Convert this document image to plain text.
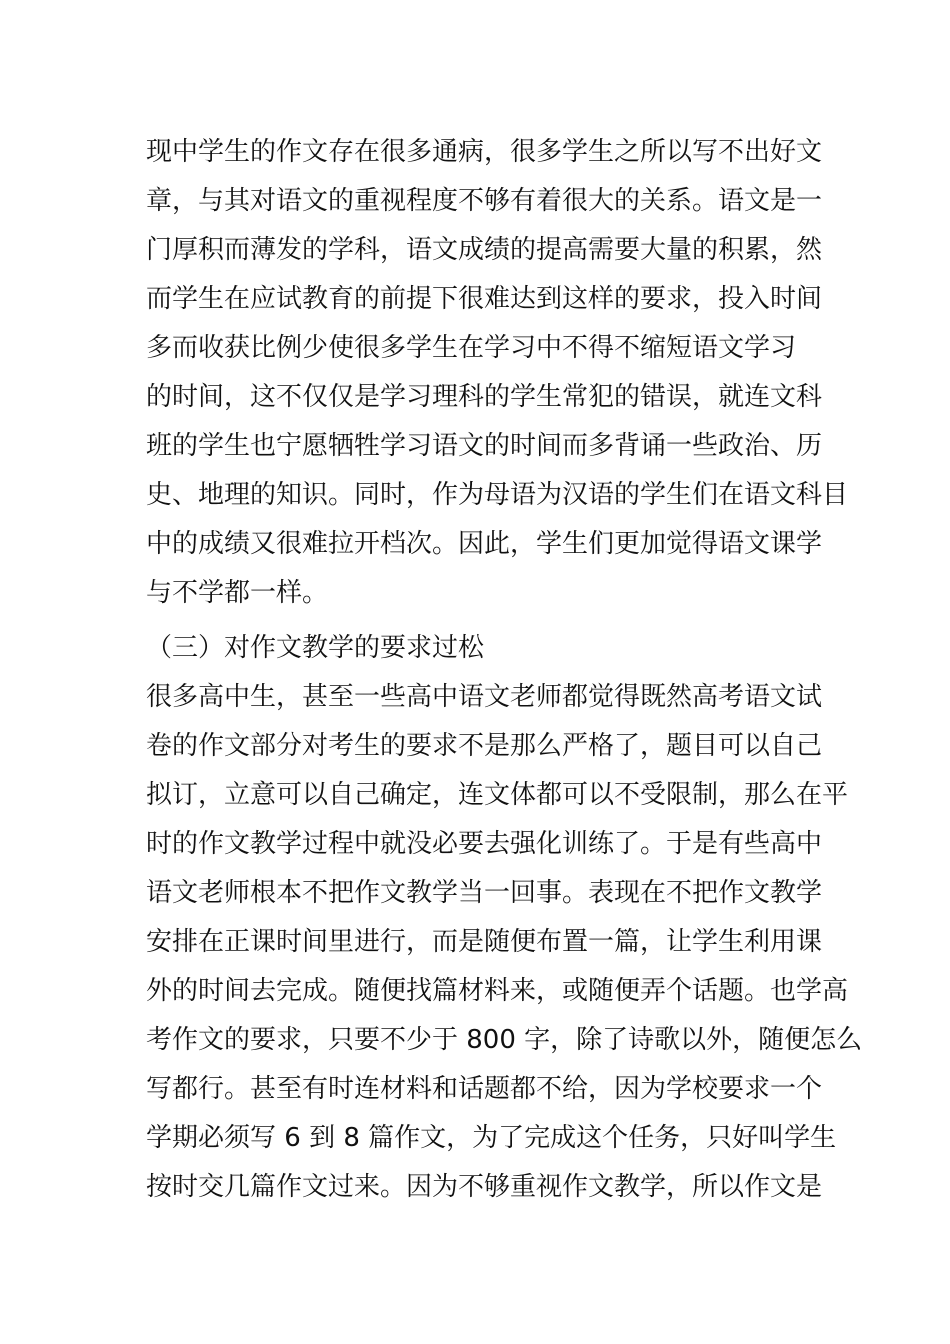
现中学生的作文存在很多通病，很多学生之所以写不出好文
章，与其对语文的重视程度不够有着很大的关系。语文是一
门厚积而薄发的学科，语文成绩的提高需要大量的积累，然
而学生在应试教育的前提下很难达到这样的要求，投入时间
多而收获比例少使很多学生在学习中不得不缩短语文学习
的时间，这不仅仅是学习理科的学生常犯的错误，就连文科
班的学生也宁愿牺牲学习语文的时间而多背诵一些政治、历
史、地理的知识。同时，作为母语为汉语的学生们在语文科目
中的成绩又很难拉开档次。因此，学生们更加觉得语文课学
与不学都一样。
（三）对作文教学的要求过松
很多高中生，甚至一些高中语文老师都觉得既然高考语文试
卷的作文部分对考生的要求不是那么严格了，题目可以自己
拟订，立意可以自己确定，连文体都可以不受限制，那么在平
时的作文教学过程中就没必要去强化训练了。于是有些高中
语文老师根本不把作文教学当一回事。表现在不把作文教学
安排在正课时间里进行，而是随便布置一篇，让学生利用课
外的时间去完成。随便找篇材料来，或随便弄个话题。也学高
考作文的要求，只要不少于 800 字，除了诗歌以外，随便怎么
写都行。甚至有时连材料和话题都不给，因为学校要求一个
学期必须写 6 到 8 篇作文，为了完成这个任务，只好叫学生
按时交几篇作文过来。因为不够重视作文教学，所以作文是
